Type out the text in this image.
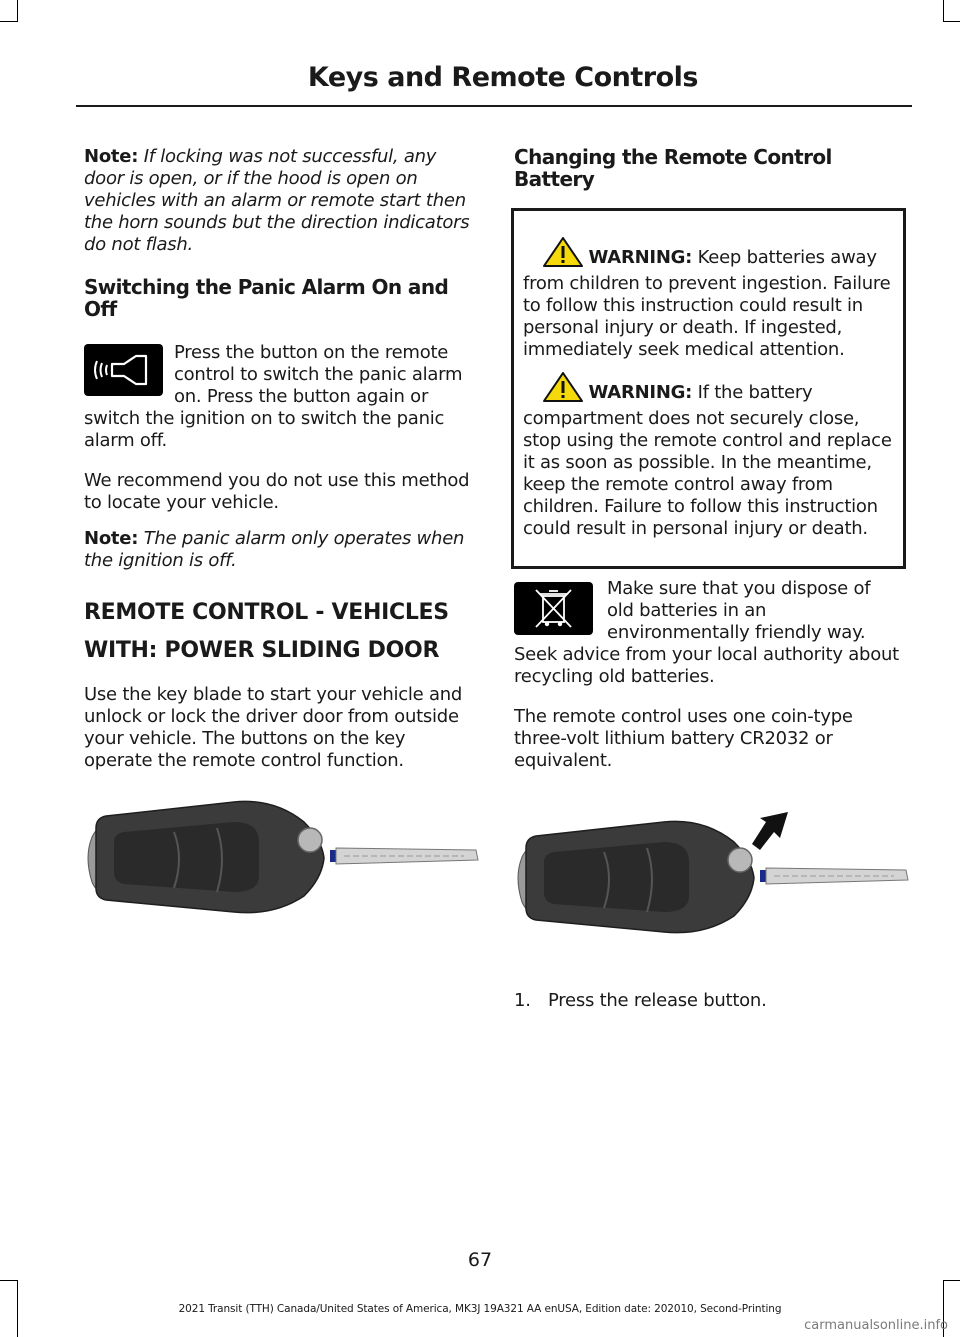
Keys and Remote Controls

Note: If locking was not successful, any door is open, or if the hood is open on vehicles with an alarm or remote start then the horn sounds but the direction indicators do not flash.

Switching the Panic Alarm On and Off

Press the button on the remote control to switch the panic alarm on. Press the button again or

switch the ignition on to switch the panic alarm off.

We recommend you do not use this method to locate your vehicle.

Note: The panic alarm only operates when the ignition is off.

REMOTE CONTROL - VEHICLES
WITH: POWER SLIDING DOOR

Use the key blade to start your vehicle and unlock or lock the driver door from outside your vehicle. The buttons on the key operate the remote control function.

Changing the Remote Control Battery

WARNING: Keep batteries away from children to prevent ingestion. Failure to follow this instruction could result in personal injury or death. If ingested, immediately seek medical attention.

WARNING: If the battery compartment does not securely close, stop using the remote control and replace it as soon as possible. In the meantime, keep the remote control away from children. Failure to follow this instruction could result in personal injury or death.

Make sure that you dispose of old batteries in an environmentally friendly way.

Seek advice from your local authority about recycling old batteries.

The remote control uses one coin-type three-volt lithium battery CR2032 or equivalent.

1. Press the release button.

67
2021 Transit (TTH) Canada/United States of America, MK3J 19A321 AA enUSA, Edition date: 202010, Second-Printing
carmanualsonline.info
